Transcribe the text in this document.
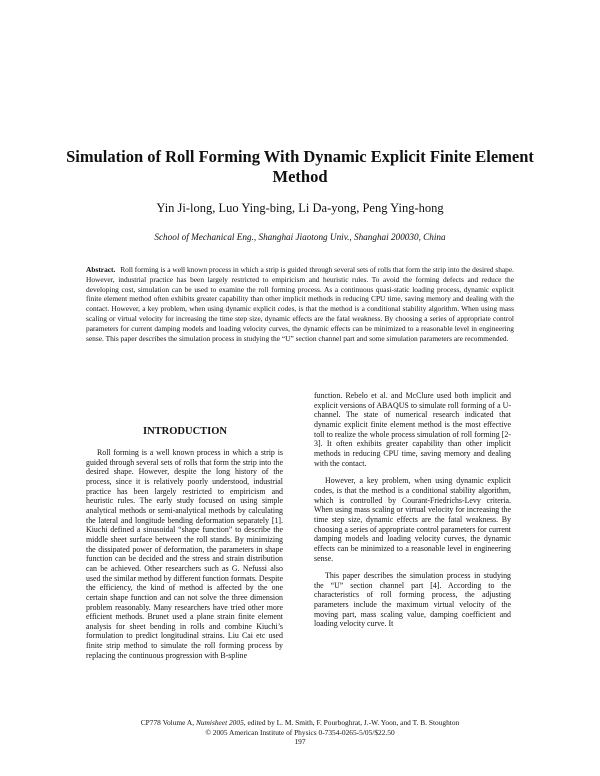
Simulation of Roll Forming With Dynamic Explicit Finite Element Method
Yin Ji-long, Luo Ying-bing, Li Da-yong, Peng Ying-hong
School of Mechanical Eng., Shanghai Jiaotong Univ., Shanghai 200030, China
Abstract. Roll forming is a well known process in which a strip is guided through several sets of rolls that form the strip into the desired shape. However, industrial practice has been largely restricted to empiricism and heuristic rules. To avoid the forming defects and reduce the developing cost, simulation can be used to examine the roll forming process. As a continuous quasi-static loading process, dynamic explicit finite element method often exhibits greater capability than other implicit methods in reducing CPU time, saving memory and dealing with the contact. However, a key problem, when using dynamic explicit codes, is that the method is a conditional stability algorithm. When using mass scaling or virtual velocity for increasing the time step size, dynamic effects are the fatal weakness. By choosing a series of appropriate control parameters for current damping models and loading velocity curves, the dynamic effects can be minimized to a reasonable level in engineering sense. This paper describes the simulation process in studying the “U” section channel part and some simulation parameters are recommended.
INTRODUCTION

Roll forming is a well known process in which a strip is guided through several sets of rolls that form the strip into the desired shape. However, despite the long history of the process, since it is relatively poorly understood, industrial practice has been largely restricted to empiricism and heuristic rules. The early study focused on using simple analytical methods or semi-analytical methods by calculating the lateral and longitude bending deformation separately [1]. Kiuchi defined a sinusoidal “shape function” to describe the middle sheet surface between the roll stands. By minimizing the dissipated power of deformation, the parameters in shape function can be decided and the stress and strain distribution can be achieved. Other researchers such as G. Nefussi also used the similar method by different function formats. Despite the efficiency, the kind of method is affected by the one certain shape function and can not solve the three dimension problem reasonably. Many researchers have tried other more efficient methods. Brunet used a plane strain finite element analysis for sheet bending in rolls and combine Kiuchi’s formulation to predict longitudinal strains. Liu Cai etc used finite strip method to simulate the roll forming process by replacing the continuous progression with B-spline

function. Rebelo et al. and McClure used both implicit and explicit versions of ABAQUS to simulate roll forming of a U-channel. The state of numerical research indicated that dynamic explicit finite element method is the most effective toll to realize the whole process simulation of roll forming [2-3]. It often exhibits greater capability than other implicit methods in reducing CPU time, saving memory and dealing with the contact.

However, a key problem, when using dynamic explicit codes, is that the method is a conditional stability algorithm, which is controlled by Courant-Friedrichs-Levy criteria. When using mass scaling or virtual velocity for increasing the time step size, dynamic effects are the fatal weakness. By choosing a series of appropriate control parameters for current damping models and loading velocity curves, the dynamic effects can be minimized to a reasonable level in engineering sense.

This paper describes the simulation process in studying the “U” section channel part [4]. According to the characteristics of roll forming process, the adjusting parameters include the maximum virtual velocity of the moving part, mass scaling value, damping coefficient and loading velocity curve. It

CP778 Volume A, Numisheet 2005, edited by L. M. Smith, F. Pourboghrat, J.-W. Yoon, and T. B. Stoughton
© 2005 American Institute of Physics 0-7354-0265-5/05/$22.50
197
